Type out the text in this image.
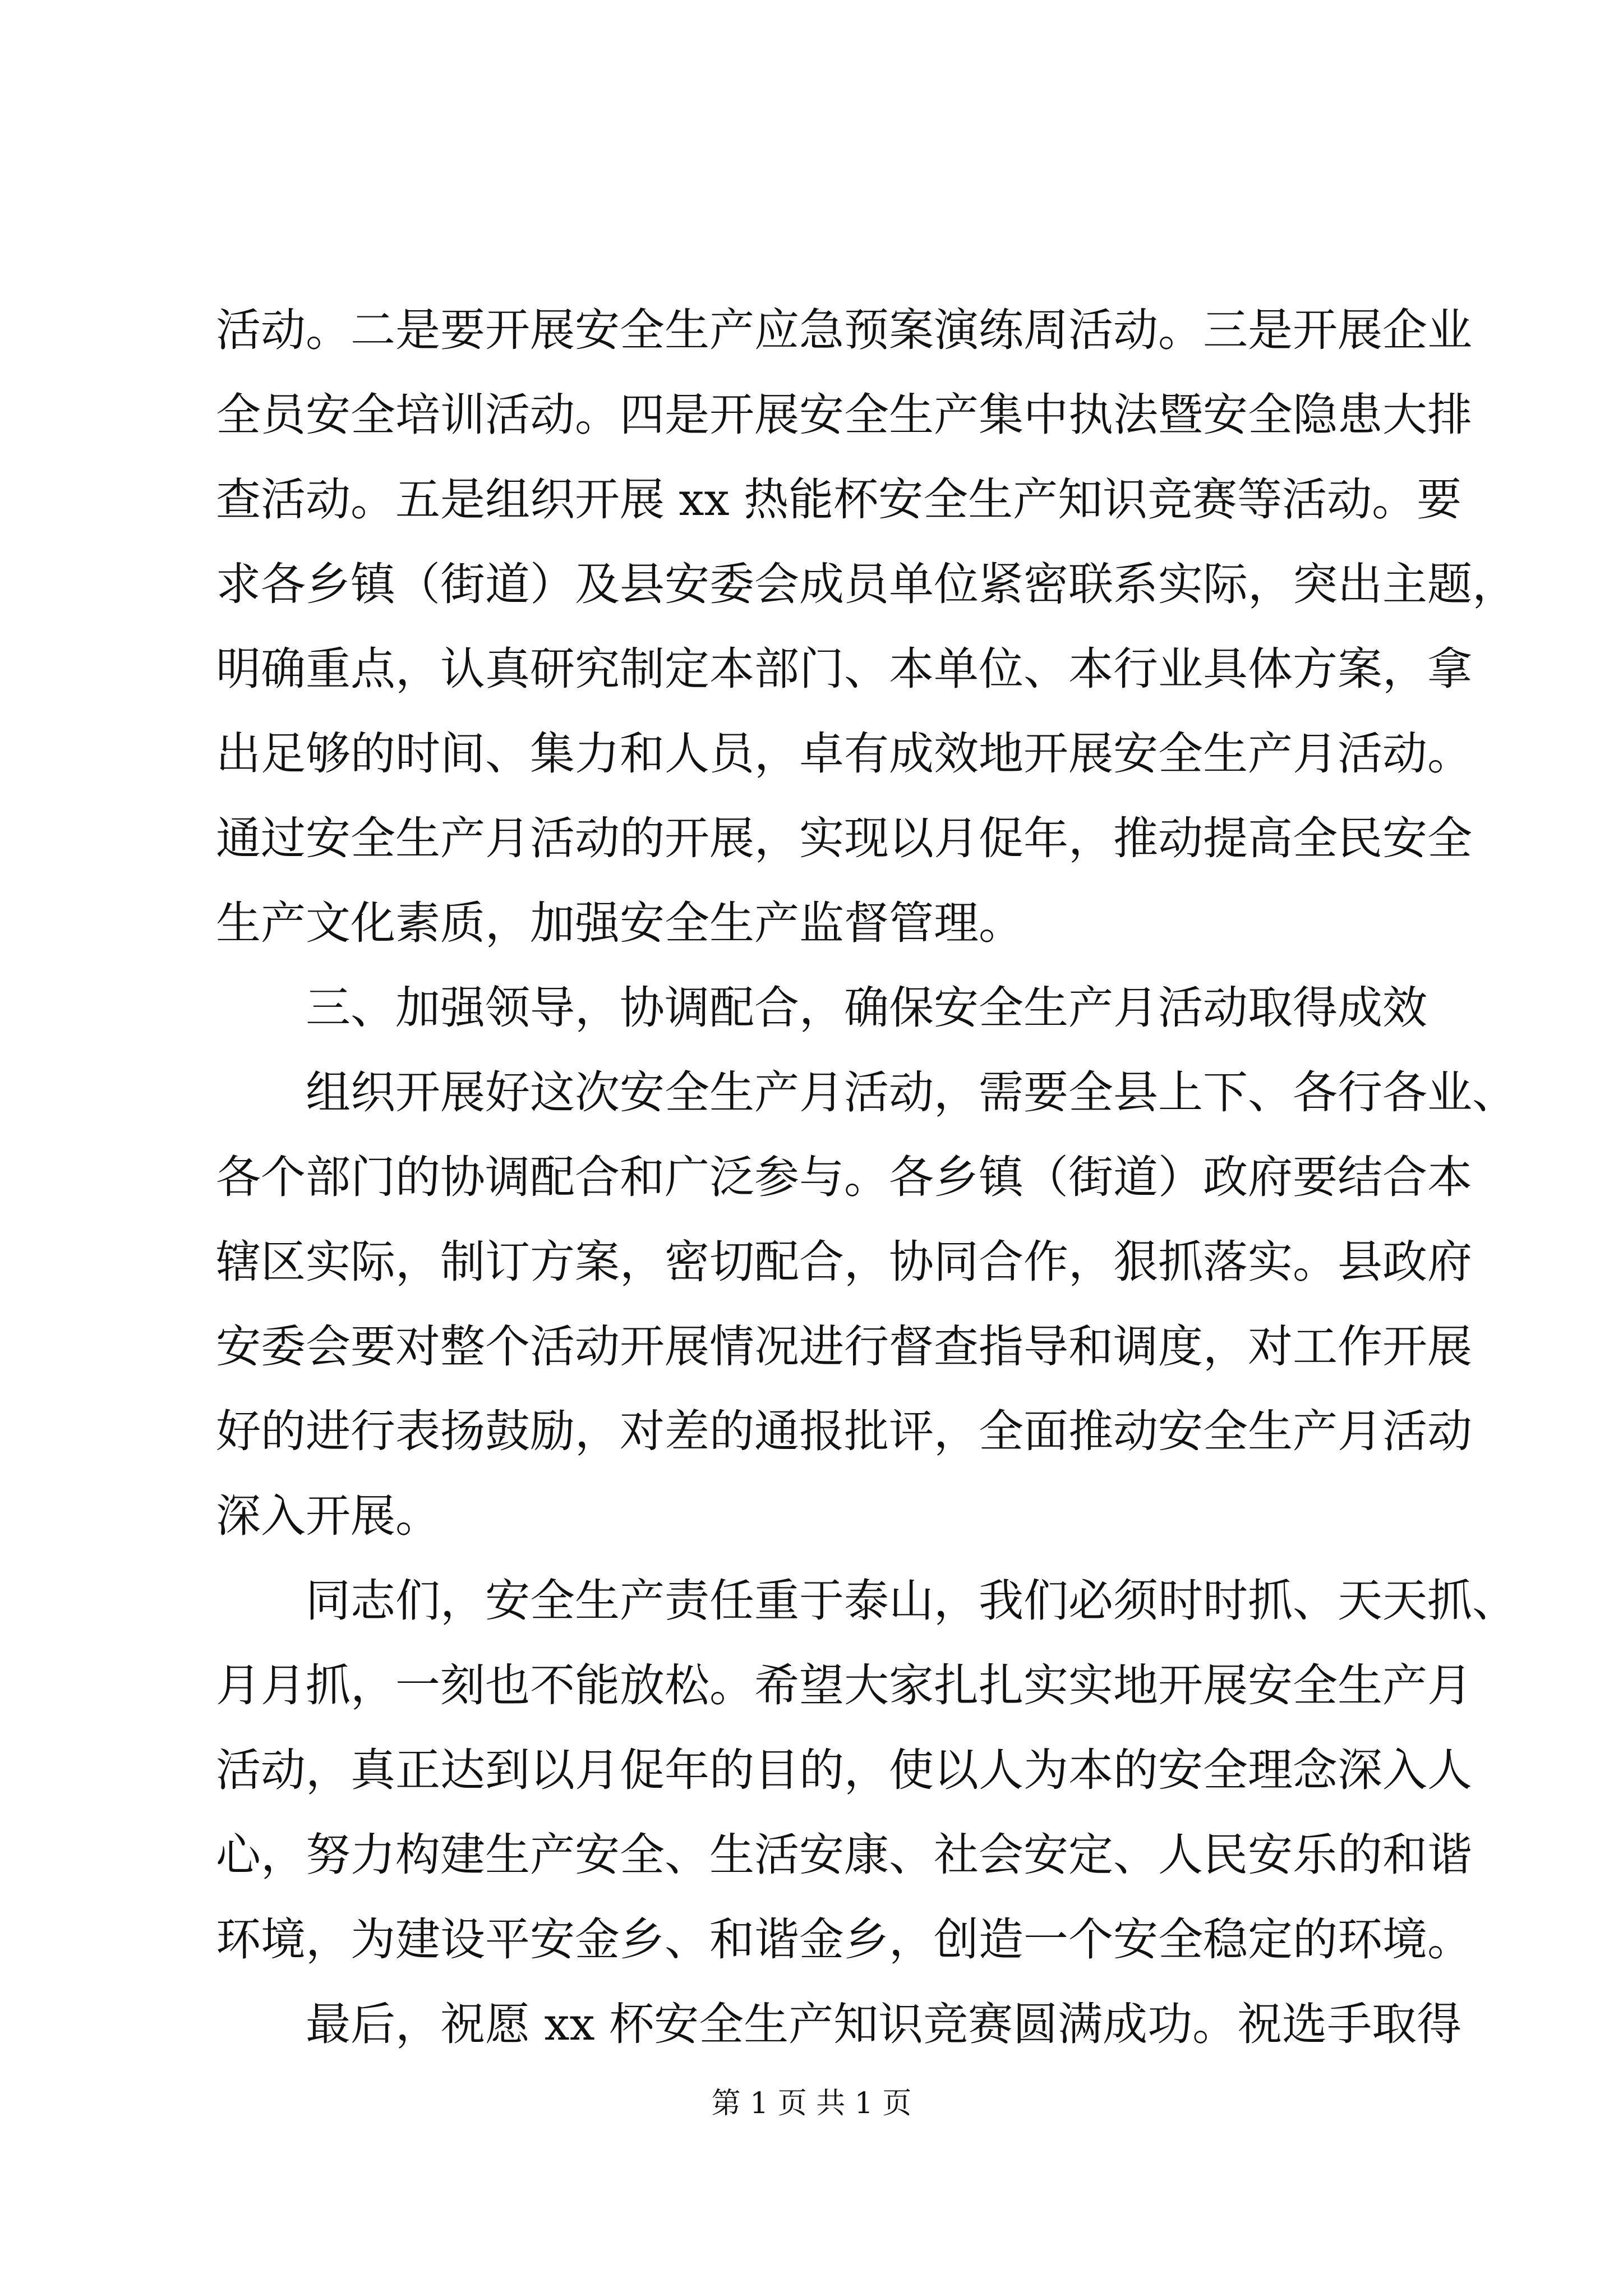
活动。二是要开展安全生产应急预案演练周活动。三是开展企业
全员安全培训活动。四是开展安全生产集中执法暨安全隐患大排
查活动。五是组织开展 xx 热能杯安全生产知识竞赛等活动。要
求各乡镇（街道）及县安委会成员单位紧密联系实际，突出主题，
明确重点，认真研究制定本部门、本单位、本行业具体方案，拿
出足够的时间、集力和人员，卓有成效地开展安全生产月活动。
通过安全生产月活动的开展，实现以月促年，推动提高全民安全
生产文化素质，加强安全生产监督管理。
三、加强领导，协调配合，确保安全生产月活动取得成效
组织开展好这次安全生产月活动，需要全县上下、各行各业、
各个部门的协调配合和广泛参与。各乡镇（街道）政府要结合本
辖区实际，制订方案，密切配合，协同合作，狠抓落实。县政府
安委会要对整个活动开展情况进行督查指导和调度，对工作开展
好的进行表扬鼓励，对差的通报批评，全面推动安全生产月活动
深入开展。
同志们，安全生产责任重于泰山，我们必须时时抓、天天抓、
月月抓，一刻也不能放松。希望大家扎扎实实地开展安全生产月
活动，真正达到以月促年的目的，使以人为本的安全理念深入人
心，努力构建生产安全、生活安康、社会安定、人民安乐的和谐
环境，为建设平安金乡、和谐金乡，创造一个安全稳定的环境。
最后，祝愿 xx 杯安全生产知识竞赛圆满成功。祝选手取得
第 1 页 共 1 页
